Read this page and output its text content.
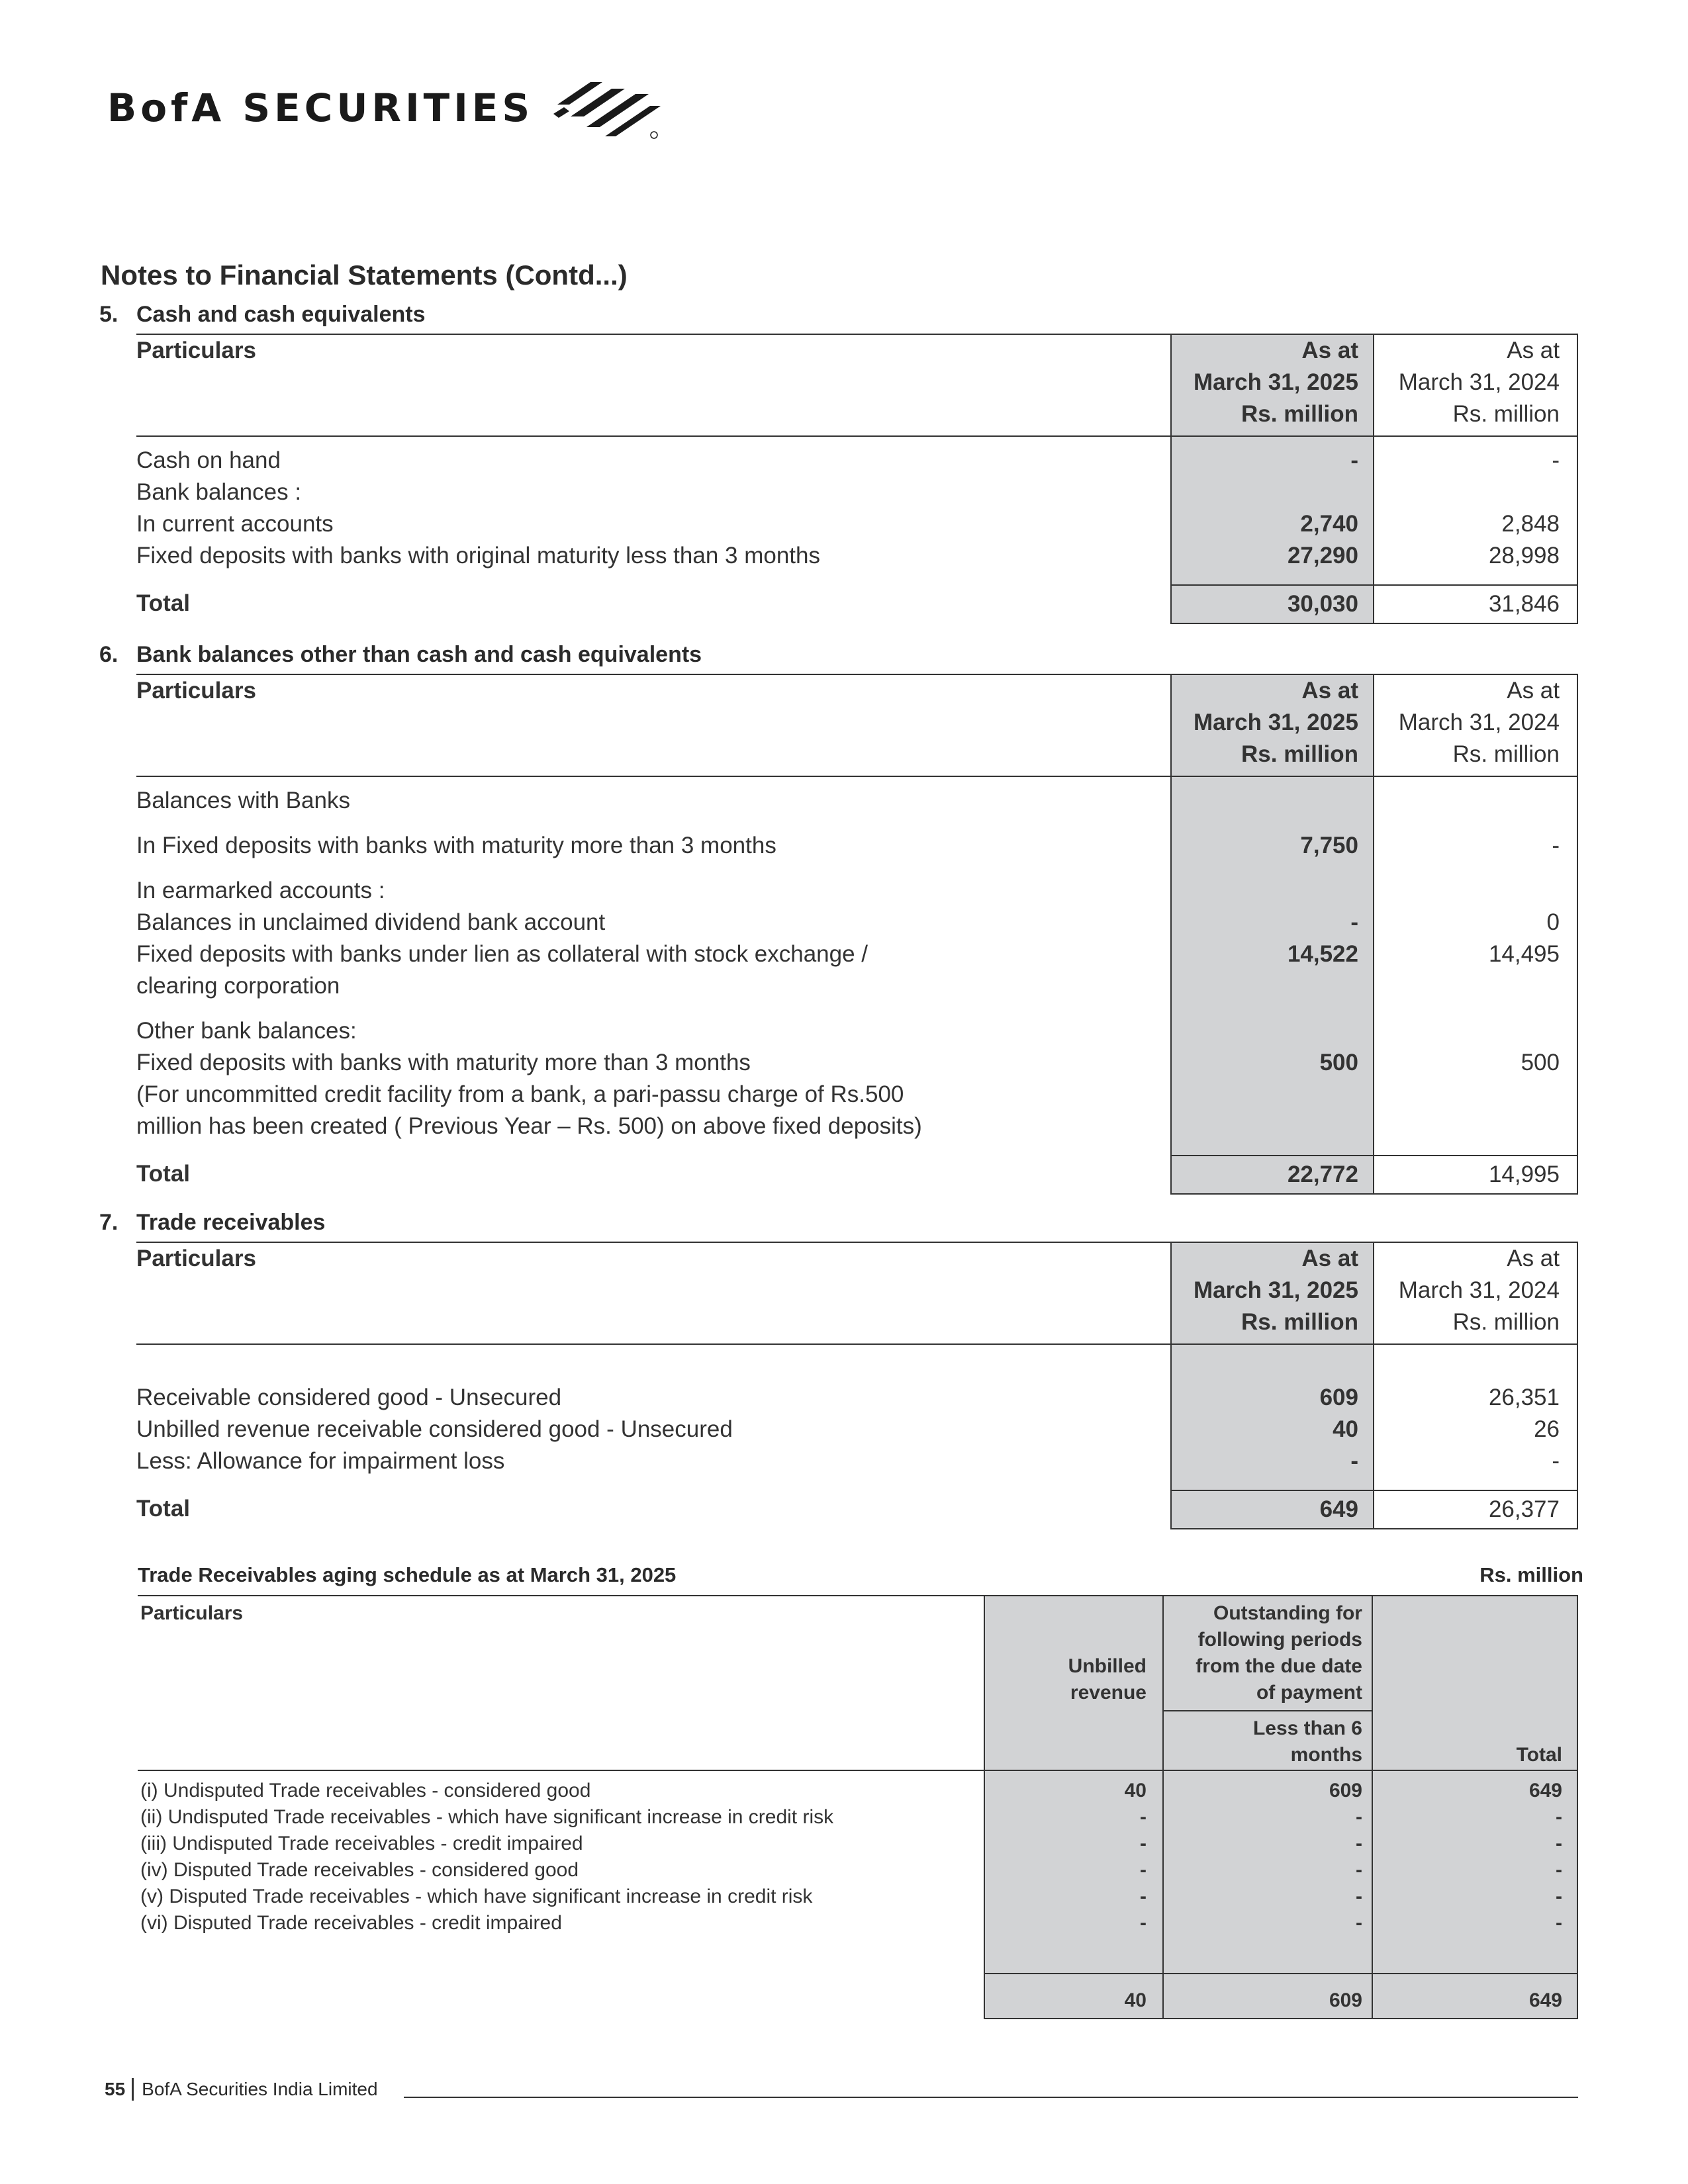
BofA SECURITIES
Notes to Financial Statements (Contd...)
5. Cash and cash equivalents
Particulars	As at	As at
	March 31, 2025	March 31, 2024
	Rs. million	Rs. million
Cash on hand	-	-
Bank balances :		
In current accounts	2,740	2,848
Fixed deposits with banks with original maturity less than 3 months	27,290	28,998

Total	30,030	31,846
6. Bank balances other than cash and cash equivalents
Particulars	As at	As at
	March 31, 2025	March 31, 2024
	Rs. million	Rs. million
Balances with Banks		
In Fixed deposits with banks with maturity more than 3 months	7,750	-
In earmarked accounts :		
Balances in unclaimed dividend bank account	-	0
Fixed deposits with banks under lien as collateral with stock exchange /	14,522	14,495
clearing corporation		
Other bank balances:		
Fixed deposits with banks with maturity more than 3 months	500	500
(For uncommitted credit facility from a bank, a pari-passu charge of Rs.500		
million has been created ( Previous Year – Rs. 500) on above fixed deposits)		

Total	22,772	14,995
7. Trade receivables
Particulars	As at	As at
	March 31, 2025	March 31, 2024
	Rs. million	Rs. million
Receivable considered good - Unsecured	609	26,351
Unbilled revenue receivable considered good - Unsecured	40	26
Less: Allowance for impairment loss	-	-

Total	649	26,377
Trade Receivables aging schedule as at March 31, 2025	Rs. million
Particulars		Outstanding for	
		following periods	
	Unbilled	from the due date	
	revenue	of payment	
		Less than 6	
		months	Total
(i) Undisputed Trade receivables - considered good	40	609	649
(ii) Undisputed Trade receivables - which have significant increase in credit risk	-	-	-
(iii) Undisputed Trade receivables - credit impaired	-	-	-
(iv) Disputed Trade receivables - considered good	-	-	-
(v) Disputed Trade receivables - which have significant increase in credit risk	-	-	-
(vi) Disputed Trade receivables - credit impaired	-	-	-

	40	609	649
55 BofA Securities India Limited
